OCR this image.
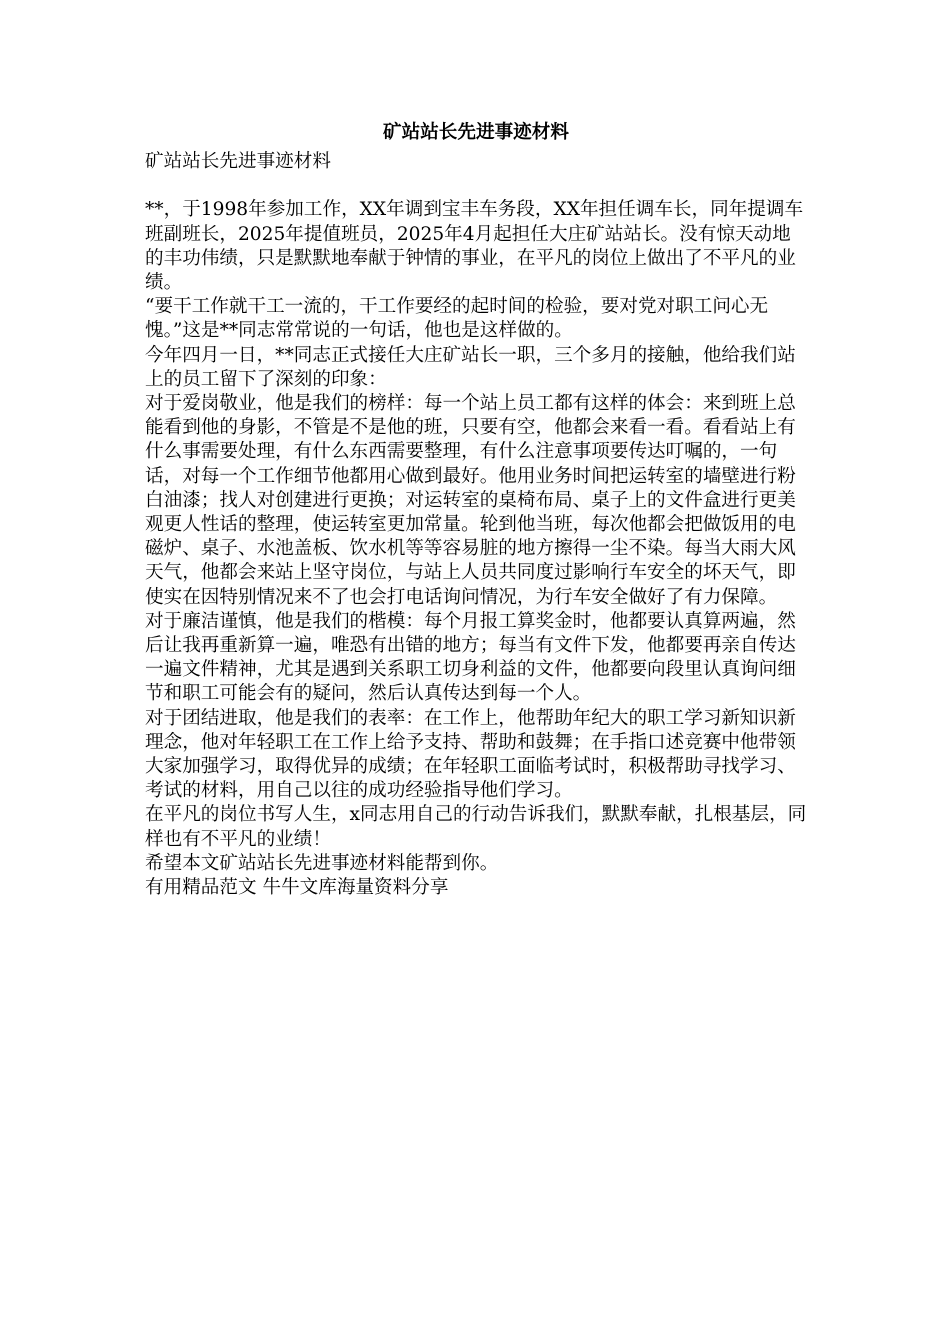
矿站站长先进事迹材料

矿站站长先进事迹材料

**，于1998年参加工作，XX年调到宝丰车务段，XX年担任调车长，同年提调车班副班长，2025年提值班员，2025年4月起担任大庄矿站站长。没有惊天动地的丰功伟绩，只是默默地奉献于钟情的事业，在平凡的岗位上做出了不平凡的业绩。

“要干工作就干工一流的，干工作要经的起时间的检验，要对党对职工问心无愧。”这是**同志常常说的一句话，他也是这样做的。

今年四月一日，**同志正式接任大庄矿站长一职，三个多月的接触，他给我们站上的员工留下了深刻的印象：

对于爱岗敬业，他是我们的榜样：每一个站上员工都有这样的体会：来到班上总能看到他的身影，不管是不是他的班，只要有空，他都会来看一看。看看站上有什么事需要处理，有什么东西需要整理，有什么注意事项要传达叮嘱的，一句话，对每一个工作细节他都用心做到最好。他用业务时间把运转室的墙壁进行粉白油漆；找人对创建进行更换；对运转室的桌椅布局、桌子上的文件盒进行更美观更人性话的整理，使运转室更加常量。轮到他当班，每次他都会把做饭用的电磁炉、桌子、水池盖板、饮水机等等容易脏的地方擦得一尘不染。每当大雨大风天气，他都会来站上坚守岗位，与站上人员共同度过影响行车安全的坏天气，即使实在因特别情况来不了也会打电话询问情况，为行车安全做好了有力保障。

对于廉洁谨慎，他是我们的楷模：每个月报工算奖金时，他都要认真算两遍，然后让我再重新算一遍，唯恐有出错的地方；每当有文件下发，他都要再亲自传达一遍文件精神，尤其是遇到关系职工切身利益的文件，他都要向段里认真询问细节和职工可能会有的疑问，然后认真传达到每一个人。

对于团结进取，他是我们的表率：在工作上，他帮助年纪大的职工学习新知识新理念，他对年轻职工在工作上给予支持、帮助和鼓舞；在手指口述竞赛中他带领大家加强学习，取得优异的成绩；在年轻职工面临考试时，积极帮助寻找学习、考试的材料，用自己以往的成功经验指导他们学习。

在平凡的岗位书写人生，x同志用自己的行动告诉我们，默默奉献，扎根基层，同样也有不平凡的业绩！

希望本文矿站站长先进事迹材料能帮到你。

有用精品范文 牛牛文库海量资料分享
